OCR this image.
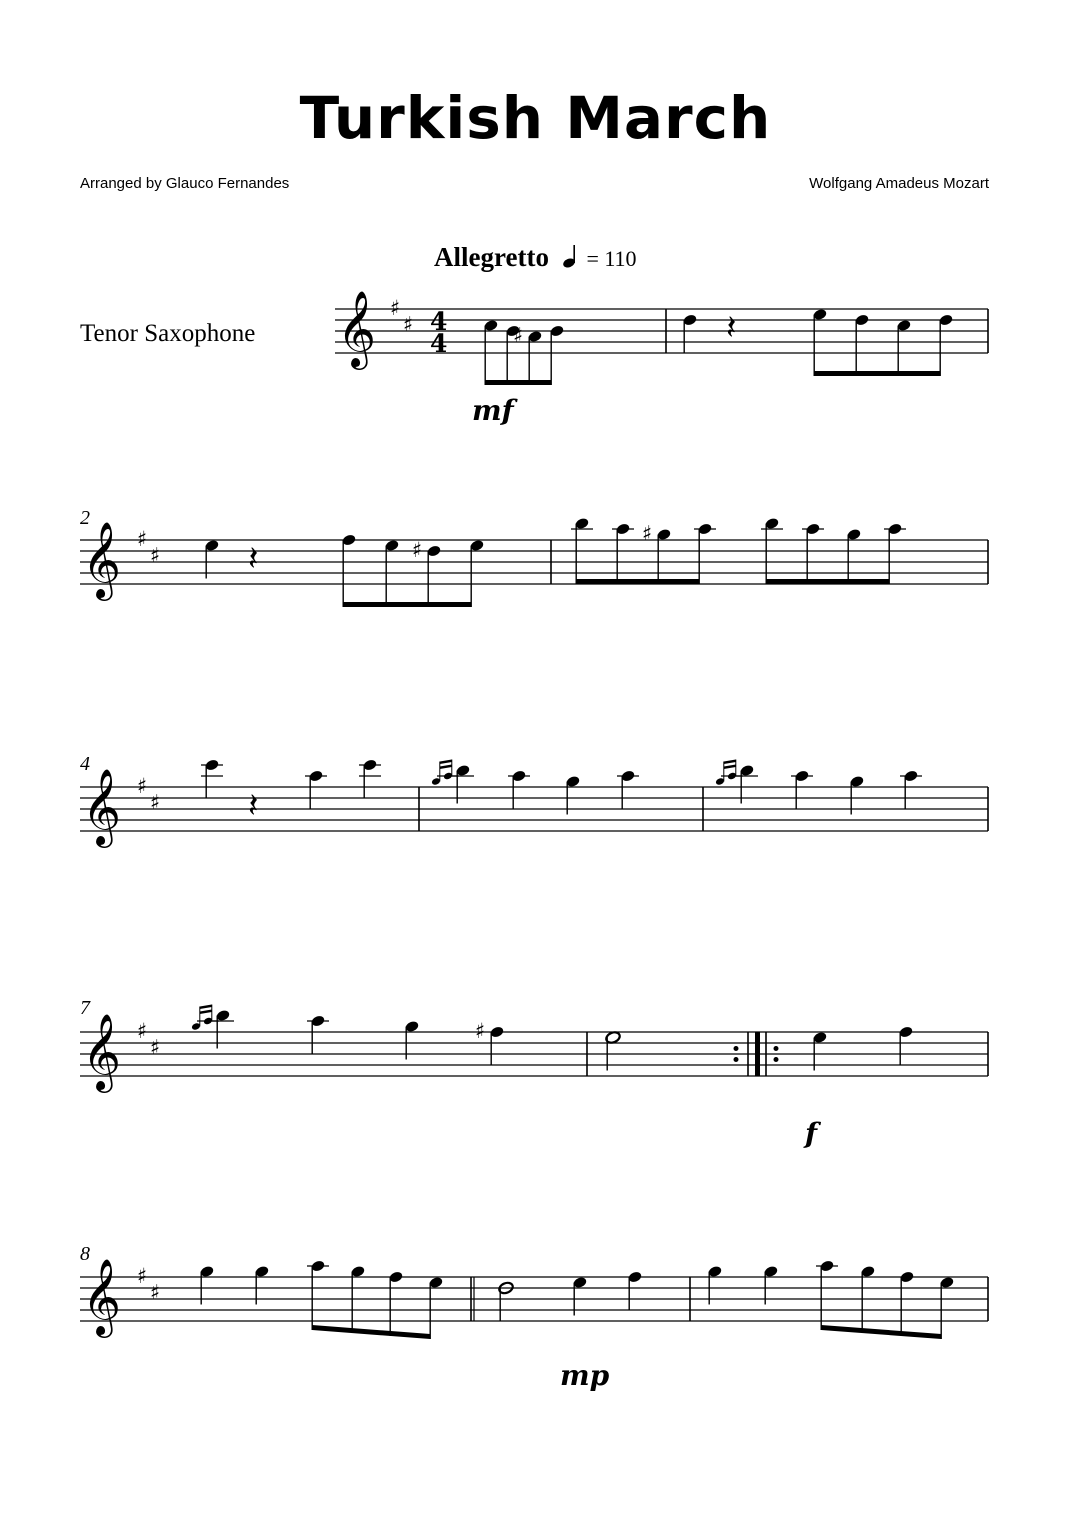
Turkish March
Arranged by Glauco Fernandes	Wolfgang Amadeus Mozart
Allegretto = 110
Tenor Saxophone
2
4
7
8
𝄞 ♯
♯ 4
4	♯	𝄽
mf
𝄞 ♯
♯	𝄽	♯
♯
𝄞 ♯
♯	𝄽
𝄞 ♯
♯
♯
f
𝄞 ♯
♯
mp
